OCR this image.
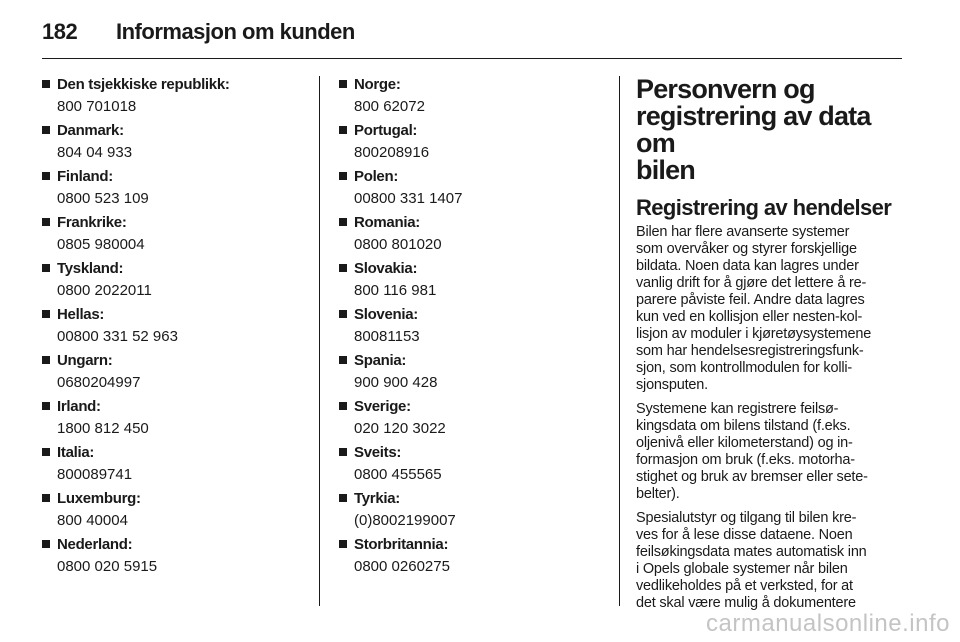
182 Informasjon om kunden
Den tsjekkiske republikk:
800 701018
Danmark:
804 04 933
Finland:
0800 523 109
Frankrike:
0805 980004
Tyskland:
0800 2022011
Hellas:
00800 331 52 963
Ungarn:
0680204997
Irland:
1800 812 450
Italia:
800089741
Luxemburg:
800 40004
Nederland:
0800 020 5915
Norge:
800 62072
Portugal:
800208916
Polen:
00800 331 1407
Romania:
0800 801020
Slovakia:
800 116 981
Slovenia:
80081153
Spania:
900 900 428
Sverige:
020 120 3022
Sveits:
0800 455565
Tyrkia:
(0)8002199007
Storbritannia:
0800 0260275
Personvern og
registrering av data om
bilen
Registrering av hendelser
Bilen har flere avanserte systemer
som overvåker og styrer forskjellige
bildata. Noen data kan lagres under
vanlig drift for å gjøre det lettere å re-
parere påviste feil. Andre data lagres
kun ved en kollisjon eller nesten-kol-
lisjon av moduler i kjøretøysystemene
som har hendelsesregistreringsfunk-
sjon, som kontrollmodulen for kolli-
sjonsputen.
Systemene kan registrere feilsø-
kingsdata om bilens tilstand (f.eks.
oljenivå eller kilometerstand) og in-
formasjon om bruk (f.eks. motorha-
stighet og bruk av bremser eller sete-
belter).
Spesialutstyr og tilgang til bilen kre-
ves for å lese disse dataene. Noen
feilsøkingsdata mates automatisk inn
i Opels globale systemer når bilen
vedlikeholdes på et verksted, for at
det skal være mulig å dokumentere
carmanualsonline.info
